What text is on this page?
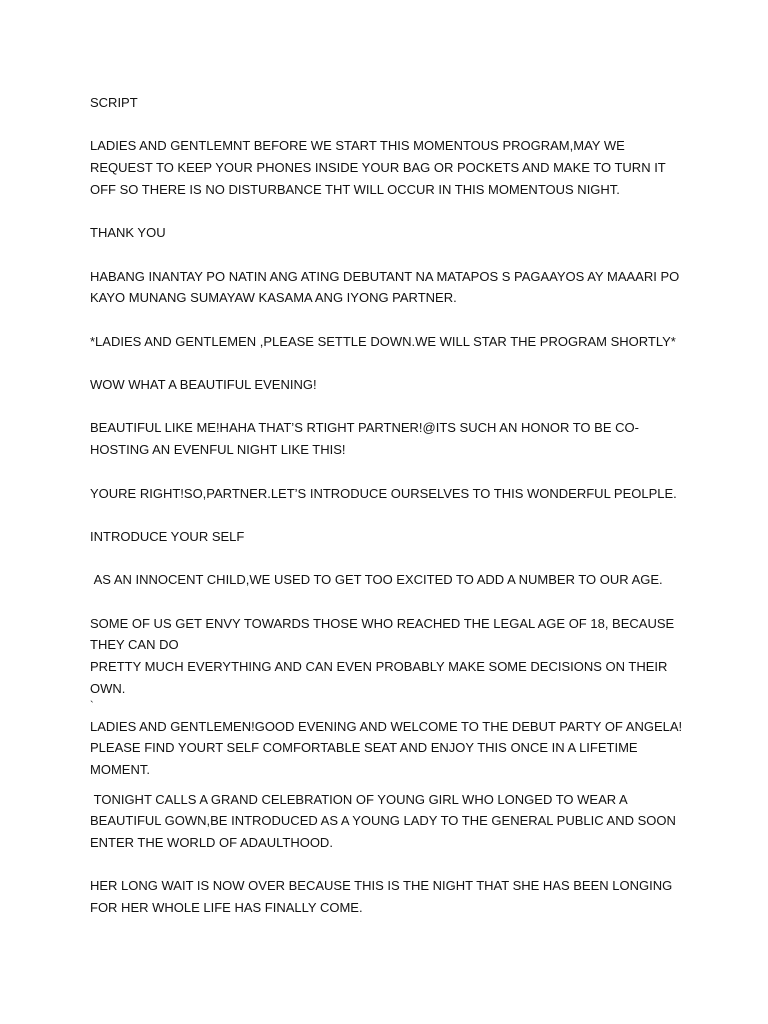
SCRIPT

LADIES AND GENTLEMNT BEFORE WE START THIS MOMENTOUS PROGRAM,MAY WE REQUEST TO KEEP YOUR PHONES INSIDE YOUR BAG OR POCKETS AND MAKE TO TURN IT OFF SO THERE IS NO DISTURBANCE THT WILL OCCUR IN THIS MOMENTOUS NIGHT.

THANK YOU

HABANG INANTAY PO NATIN ANG ATING DEBUTANT NA MATAPOS S PAGAAYOS AY MAAARI PO KAYO MUNANG SUMAYAW KASAMA ANG IYONG PARTNER.

*LADIES AND GENTLEMEN ,PLEASE SETTLE DOWN.WE WILL STAR THE PROGRAM SHORTLY*

WOW WHAT A BEAUTIFUL EVENING!

BEAUTIFUL LIKE ME!HAHA THAT’S RTIGHT PARTNER!@ITS SUCH AN HONOR TO BE CO-HOSTING AN EVENFUL NIGHT LIKE THIS!

YOURE RIGHT!SO,PARTNER.LET’S INTRODUCE OURSELVES TO THIS WONDERFUL PEOLPLE.

INTRODUCE YOUR SELF

AS AN INNOCENT CHILD,WE USED TO GET TOO EXCITED TO ADD A NUMBER TO OUR AGE.

SOME OF US GET ENVY TOWARDS THOSE WHO REACHED THE LEGAL AGE OF 18, BECAUSE THEY CAN DO

PRETTY MUCH EVERYTHING AND CAN EVEN PROBABLY MAKE SOME DECISIONS ON THEIR OWN.

`

LADIES AND GENTLEMEN!GOOD EVENING AND WELCOME TO THE DEBUT PARTY OF ANGELA! PLEASE FIND YOURT SELF COMFORTABLE SEAT AND ENJOY THIS ONCE IN A LIFETIME MOMENT.

TONIGHT CALLS A GRAND CELEBRATION OF YOUNG GIRL WHO LONGED TO WEAR A BEAUTIFUL GOWN,BE INTRODUCED AS A YOUNG LADY TO THE GENERAL PUBLIC AND SOON ENTER THE WORLD OF ADAULTHOOD.

HER LONG WAIT IS NOW OVER BECAUSE THIS IS THE NIGHT THAT SHE HAS BEEN LONGING FOR HER WHOLE LIFE HAS FINALLY COME.
